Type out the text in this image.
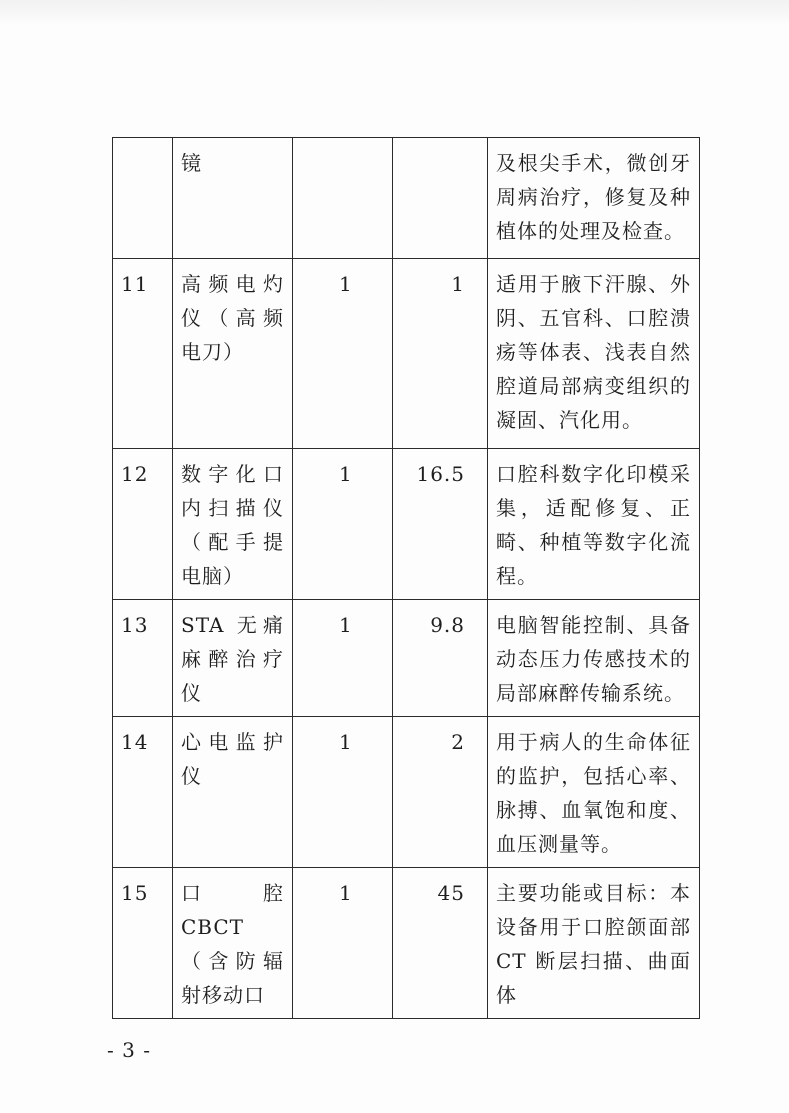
	镜			及根尖手术，微创牙周病治疗，修复及种植体的处理及检查。
11	高频电灼仪（高频电刀）	1	1	适用于腋下汗腺、外阴、五官科、口腔溃疡等体表、浅表自然腔道局部病变组织的凝固、汽化用。
12	数字化口内扫描仪（配手提电脑）	1	16.5	口腔科数字化印模采集，适配修复、正畸、种植等数字化流程。
13	STA 无痛麻醉治疗仪	1	9.8	电脑智能控制、具备动态压力传感技术的局部麻醉传输系统。
14	心电监护仪	1	2	用于病人的生命体征的监护，包括心率、脉搏、血氧饱和度、血压测量等。
15	口腔 CBCT（含防辐射移动口	1	45	主要功能或目标：本设备用于口腔颌面部CT 断层扫描、曲面体
- 3 -
